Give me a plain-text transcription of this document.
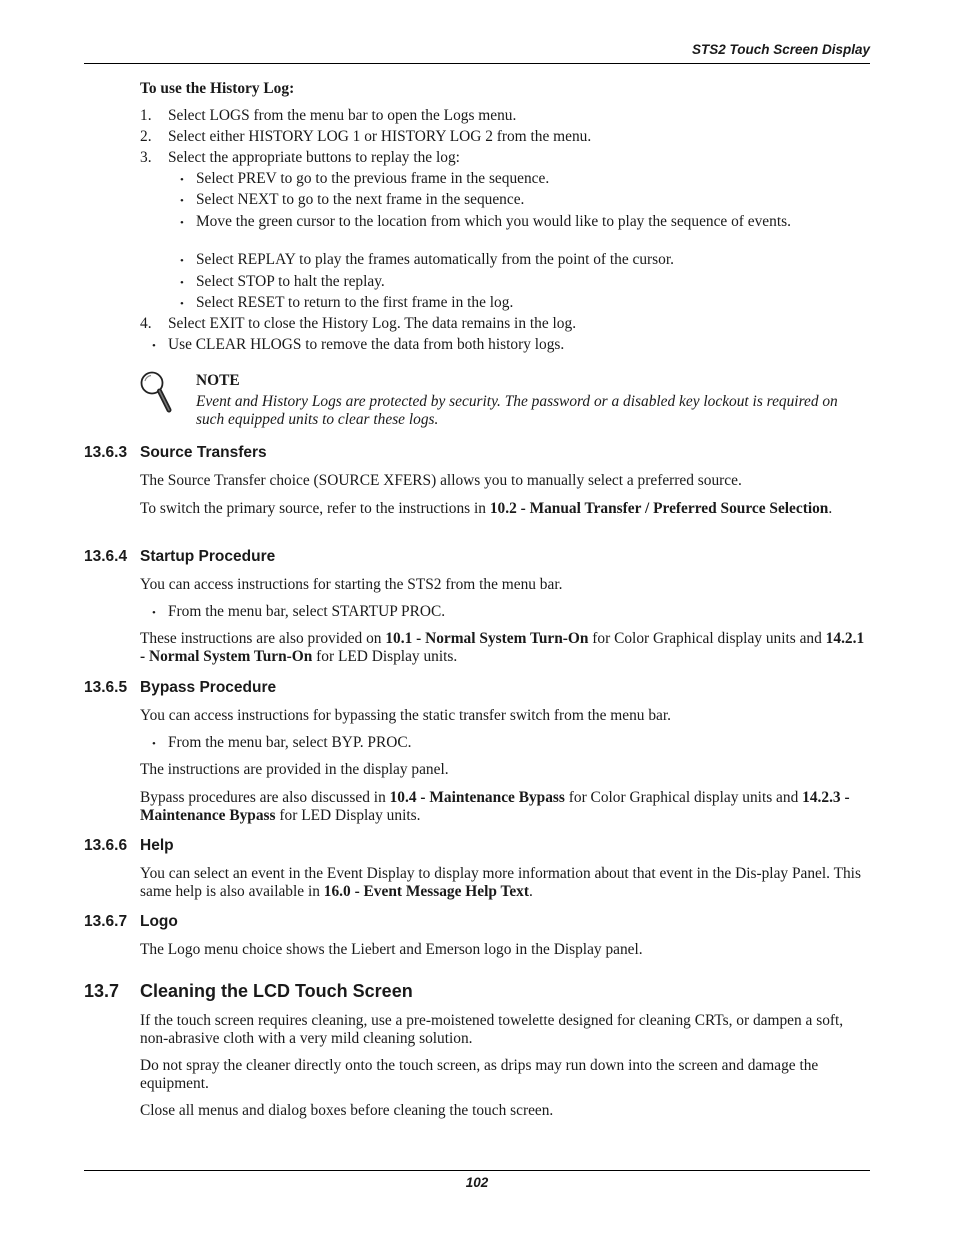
STS2 Touch Screen Display
102

To use the History Log:

1.	Select LOGS from the menu bar to open the Logs menu.
2.	Select either HISTORY LOG 1 or HISTORY LOG 2 from the menu.
3.	Select the appropriate buttons to replay the log:
• Select PREV to go to the previous frame in the sequence.
• Select NEXT to go to the next frame in the sequence.
• Move the green cursor to the location from which you would like to play the sequence of events.
• Select REPLAY to play the frames automatically from the point of the cursor.
• Select STOP to halt the replay.
• Select RESET to return to the first frame in the log.
4.	Select EXIT to close the History Log. The data remains in the log.
• Use CLEAR HLOGS to remove the data from both history logs.

NOTE

Event and History Logs are protected by security. The password or a disabled key lockout is required on such equipped units to clear these logs.

13.6.3 Source Transfers

The Source Transfer choice (SOURCE XFERS) allows you to manually select a preferred source.

To switch the primary source, refer to the instructions in 10.2 - Manual Transfer / Preferred Source Selection.

13.6.4 Startup Procedure

You can access instructions for starting the STS2 from the menu bar.

• From the menu bar, select STARTUP PROC.

These instructions are also provided on 10.1 - Normal System Turn-On for Color Graphical display units and 14.2.1 - Normal System Turn-On for LED Display units.

13.6.5 Bypass Procedure

You can access instructions for bypassing the static transfer switch from the menu bar.

• From the menu bar, select BYP. PROC.

The instructions are provided in the display panel.

Bypass procedures are also discussed in 10.4 - Maintenance Bypass for Color Graphical display units and 14.2.3 - Maintenance Bypass for LED Display units.

13.6.6 Help

You can select an event in the Event Display to display more information about that event in the Dis-play Panel. This same help is also available in 16.0 - Event Message Help Text.

13.6.7 Logo

The Logo menu choice shows the Liebert and Emerson logo in the Display panel.

13.7 Cleaning the LCD Touch Screen

If the touch screen requires cleaning, use a pre-moistened towelette designed for cleaning CRTs, or dampen a soft, non-abrasive cloth with a very mild cleaning solution.

Do not spray the cleaner directly onto the touch screen, as drips may run down into the screen and damage the equipment.

Close all menus and dialog boxes before cleaning the touch screen.
